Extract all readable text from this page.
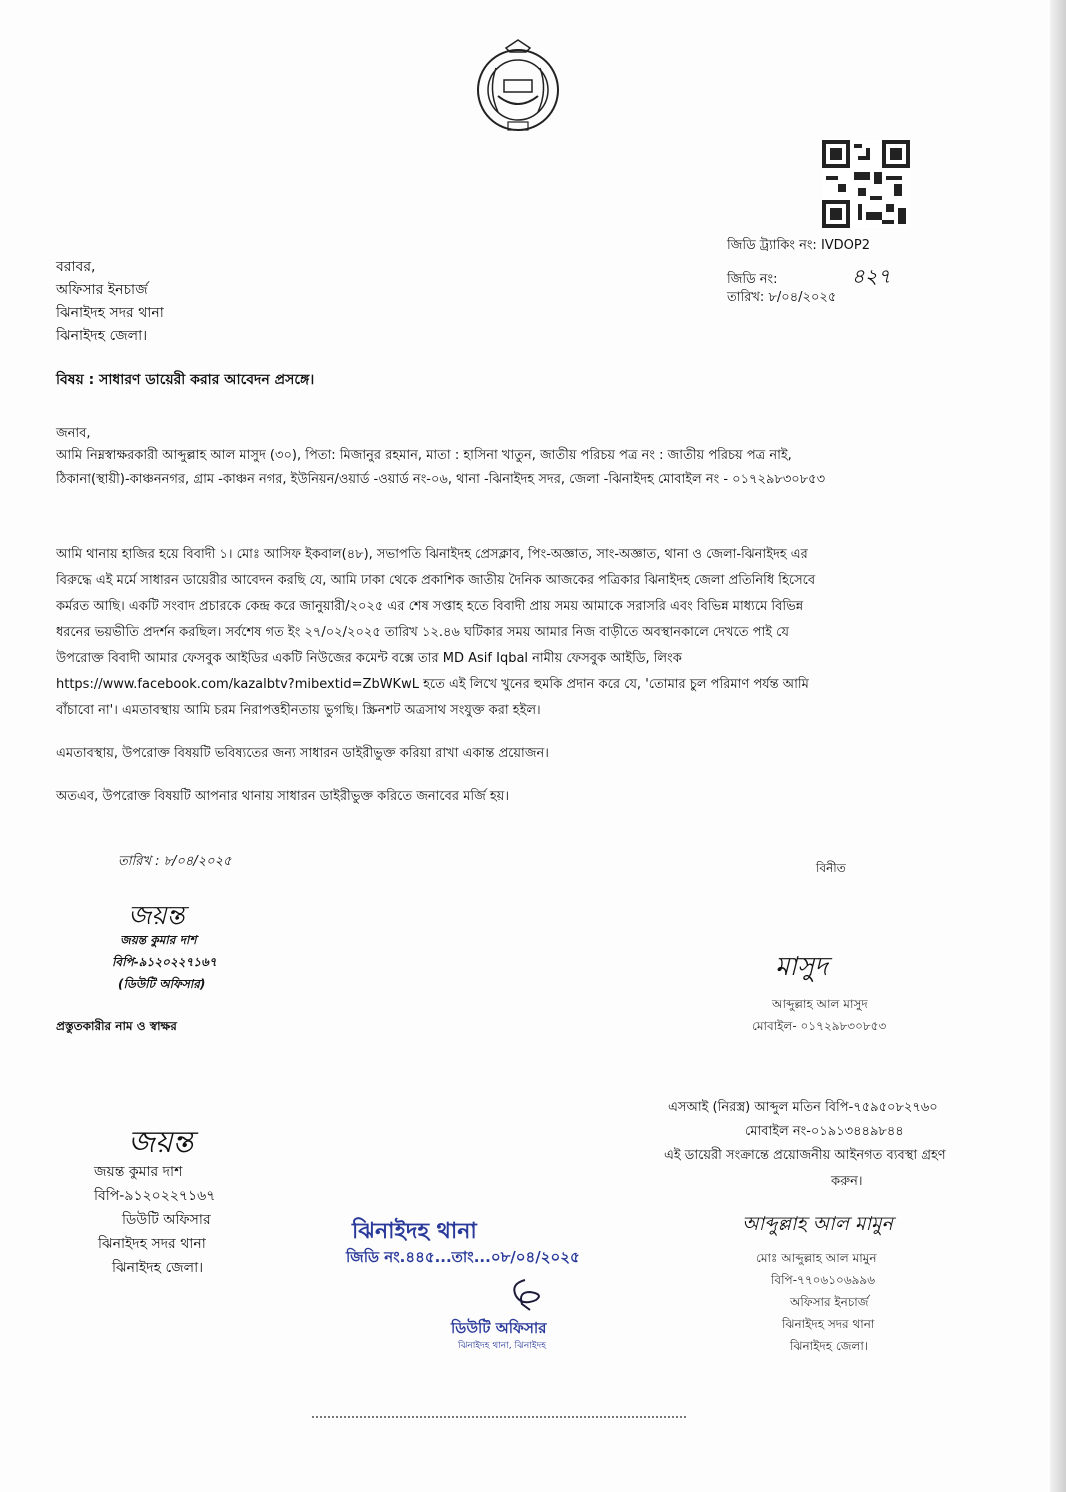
জিডি ট্র্যাকিং নং: IVDOP2
জিডি নং:	৪২৭
তারিখ: ৮/০৪/২০২৫
বরাবর,
অফিসার ইনচার্জ
ঝিনাইদহ সদর থানা
ঝিনাইদহ জেলা।
বিষয় : সাধারণ ডায়েরী করার আবেদন প্রসঙ্গে।
জনাব,
আমি নিম্নস্বাক্ষরকারী আব্দুল্লাহ আল মাসুদ (৩০), পিতা: মিজানুর রহমান, মাতা : হাসিনা খাতুন, জাতীয় পরিচয় পত্র নং : জাতীয় পরিচয় পত্র নাই,
ঠিকানা(স্থায়ী)-কাঞ্চননগর, গ্রাম -কাঞ্চন নগর, ইউনিয়ন/ওয়ার্ড -ওয়ার্ড নং-০৬, থানা -ঝিনাইদহ সদর, জেলা -ঝিনাইদহ মোবাইল নং - ০১৭২৯৮৩০৮৫৩
আমি থানায় হাজির হয়ে বিবাদী ১। মোঃ আসিফ ইকবাল(৪৮), সভাপতি ঝিনাইদহ প্রেসক্লাব, পিং-অজ্ঞাত, সাং-অজ্ঞাত, থানা ও জেলা-ঝিনাইদহ এর
বিরুদ্ধে এই মর্মে সাধারন ডায়েরীর আবেদন করছি যে, আমি ঢাকা থেকে প্রকাশিক জাতীয় দৈনিক আজকের পত্রিকার ঝিনাইদহ জেলা প্রতিনিধি হিসেবে
কর্মরত আছি। একটি সংবাদ প্রচারকে কেন্দ্র করে জানুয়ারী/২০২৫ এর শেষ সপ্তাহ হতে বিবাদী প্রায় সময় আমাকে সরাসরি এবং বিভিন্ন মাধ্যমে বিভিন্ন
ধরনের ভয়ভীতি প্রদর্শন করছিল। সর্বশেষ গত ইং ২৭/০২/২০২৫ তারিখ ১২.৪৬ ঘটিকার সময় আমার নিজ বাড়ীতে অবস্থানকালে দেখতে পাই যে
উপরোক্ত বিবাদী আমার ফেসবুক আইডির একটি নিউজের কমেন্ট বক্সে তার MD Asif Iqbal নামীয় ফেসবুক আইডি, লিংক
https://www.facebook.com/kazalbtv?mibextid=ZbWKwL হতে এই লিখে খুনের হুমকি প্রদান করে যে, 'তোমার চুল পরিমাণ পর্যন্ত আমি
বাঁচাবো না'। এমতাবস্থায় আমি চরম নিরাপত্তহীনতায় ভুগছি। স্ক্রিনশট অত্রসাথ সংযুক্ত করা হইল।
এমতাবস্থায়, উপরোক্ত বিষয়টি ভবিষ্যতের জন্য সাধারন ডাইরীভুক্ত করিয়া রাখা একান্ত প্রয়োজন।
অতএব, উপরোক্ত বিষয়টি আপনার থানায় সাধারন ডাইরীভুক্ত করিতে জনাবের মর্জি হয়।
তারিখ : ৮/০৪/২০২৫
জয়ন্ত
জয়ন্ত কুমার দাশ
বিপি-৯১২০২২৭১৬৭
(ডিউটি অফিসার)
প্রস্তুতকারীর নাম ও স্বাক্ষর
বিনীত
মাসুদ
আব্দুল্লাহ আল মাসুদ
মোবাইল- ০১৭২৯৮৩০৮৫৩
জয়ন্ত
জয়ন্ত কুমার দাশ
বিপি-৯১২০২২৭১৬৭
ডিউটি অফিসার
ঝিনাইদহ সদর থানা
ঝিনাইদহ জেলা।
ঝিনাইদহ থানা
জিডি নং.৪৪৫...তাং...০৮/০৪/২০২৫
ডিউটি অফিসার
ঝিনাইদহ থানা, ঝিনাইদহ
এসআই (নিরস্ত্র) আব্দুল মতিন বিপি-৭৫৯৫০৮২৭৬০
মোবাইল নং-০১৯১৩৪৪৯৮৪৪
এই ডায়েরী সংক্রান্তে প্রয়োজনীয় আইনগত ব্যবস্থা গ্রহণ
করুন।
আব্দুল্লাহ আল মামুন
মোঃ আব্দুল্লাহ আল মামুন
বিপি-৭৭০৬১০৬৯৯৬
অফিসার ইনচার্জ
ঝিনাইদহ সদর থানা
ঝিনাইদহ জেলা।
